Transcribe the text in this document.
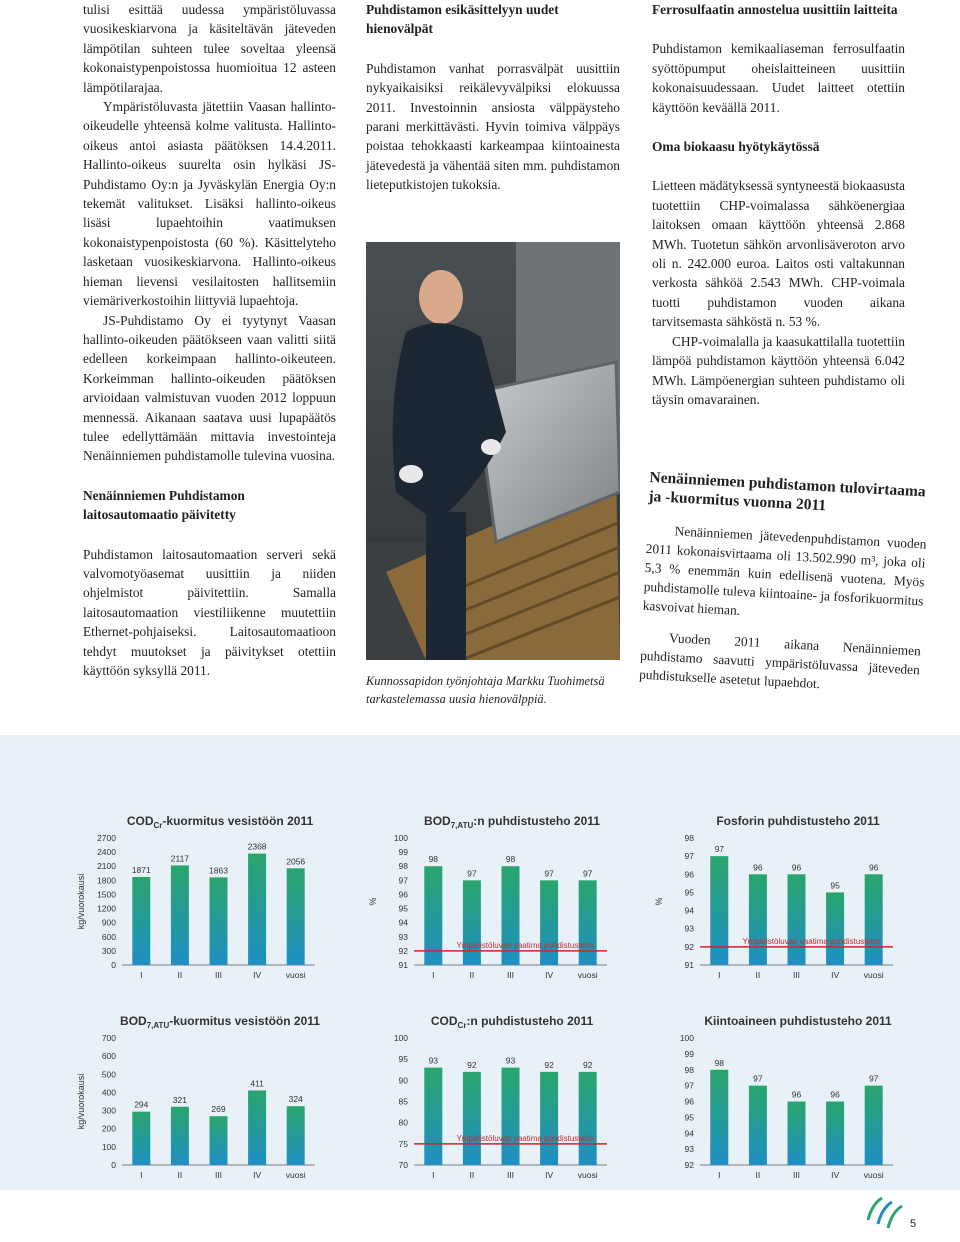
tulisi esittää uudessa ympäristöluvassa vuosikeskiarvona ja käsiteltävän jäteveden lämpötilan suhteen tulee soveltaa yleensä kokonaistypenpoistossa huomioitua 12 asteen lämpötilarajaa.

Ympäristöluvasta jätettiin Vaasan hallinto-oikeudelle yhteensä kolme valitusta. Hallinto-oikeus antoi asiasta päätöksen 14.4.2011. Hallinto-oikeus suurelta osin hylkäsi JS-Puhdistamo Oy:n ja Jyväskylän Energia Oy:n tekemät valitukset. Lisäksi hallinto-oikeus lisäsi lupaehtoihin vaatimuksen kokonaistypenpoistosta (60 %). Käsittelyteho lasketaan vuosikeskiarvona. Hallinto-oikeus hieman lievensi vesilaitosten hallitsemiin viemäriverkostoihin liittyviä lupaehtoja.

JS-Puhdistamo Oy ei tyytynyt Vaasan hallinto-oikeuden päätökseen vaan valitti siitä edelleen korkeimpaan hallinto-oikeuteen. Korkeimman hallinto-oikeuden päätöksen arvioidaan valmistuvan vuoden 2012 loppuun mennessä. Aikanaan saatava uusi lupapäätös tulee edellyttämään mittavia investointeja Nenäinniemen puhdistamolle tulevina vuosina.

Nenäinniemen Puhdistamon laitosautomaatio päivitetty

Puhdistamon laitosautomaation serveri sekä valvomotyöasemat uusittiin ja niiden ohjelmistot päivitettiin. Samalla laitosautomaation viestiliikenne muutettiin Ethernet-pohjaiseksi. Laitosautomaatioon tehdyt muutokset ja päivitykset otettiin käyttöön syksyllä 2011.

Puhdistamon esikäsittelyyn uudet hienovälpät

Puhdistamon vanhat porrasvälpät uusittiin nykyaikaisiksi reikälevyvälpiksi elokuussa 2011. Investoinnin ansiosta välppäysteho parani merkittävästi. Hyvin toimiva välppäys poistaa tehokkaasti karkeampaa kiintoainesta jätevedestä ja vähentää siten mm. puhdistamon lieteputkistojen tukoksia.

Kunnossapidon työnjohtaja Markku Tuohimetsä tarkastelemassa uusia hienovälppiä.
Ferrosulfaatin annostelua uusittiin laitteita

Puhdistamon kemikaaliaseman ferrosulfaatin syöttöpumput oheislaitteineen uusittiin kokonaisuudessaan. Uudet laitteet otettiin käyttöön keväällä 2011.

Oma biokaasu hyötykäytössä

Lietteen mädätyksessä syntyneestä biokaasusta tuotettiin CHP-voimalassa sähköenergiaa laitoksen omaan käyttöön yhteensä 2.868 MWh. Tuotetun sähkön arvonlisäveroton arvo oli n. 242.000 euroa. Laitos osti valtakunnan verkosta sähköä 2.543 MWh. CHP-voimala tuotti puhdistamon vuoden aikana tarvitsemasta sähköstä n. 53 %.

CHP-voimalalla ja kaasukattilalla tuotettiin lämpöä puhdistamon käyttöön yhteensä 6.042 MWh. Lämpöenergian suhteen puhdistamo oli täysin omavarainen.

Nenäinniemen puhdistamon tulovirtaama ja -kuormitus vuonna 2011

Nenäinniemen jätevedenpuhdistamon vuoden 2011 kokonaisvirtaama oli 13.502.990 m³, joka oli 5,3 % enemmän kuin edellisenä vuotena. Myös puhdistamolle tuleva kiintoaine- ja fosforikuormitus kasvoivat hieman.

Vuoden 2011 aikana Nenäinniemen puhdistamo saavutti ympäristöluvassa jäteveden puhdistukselle asetetut lupaehdot.

$COD_{Cr}$-kuormitus vesistöön 2011
kg/vuorokausi
0
300
600
900
1200
1500
1800
2100
2400
2700
1871
I
2117
II
1863
III
2368
IV
2056
vuosi
$BOD_{7,ATU}:n$ puhdistusteho 2011
%
91
92
93
94
95
96
97
98
99
100
98
I
97
II
98
III
97
IV
97
vuosi
Ympäristöluvan vaatima puhdistusteho
Fosforin puhdistusteho 2011
%
91
92
93
94
95
96
97
98
97
I
96
II
96
III
95
IV
96
vuosi
Ympäristöluvan vaatima puhdistusteho
$BOD_{7,ATU}$-kuormitus vesistöön 2011
kg/vuorokausi
0
100
200
300
400
500
600
700
294
I
321
II
269
III
411
IV
324
vuosi
$COD_{Cr}:n$ puhdistusteho 2011
70
75
80
85
90
95
100
93
I
92
II
93
III
92
IV
92
vuosi
Ympäristöluvan vaatima puhdistusteho
Kiintoaineen puhdistusteho 2011
92
93
94
95
96
97
98
99
100
98
I
97
II
96
III
96
IV
97
vuosi
5
